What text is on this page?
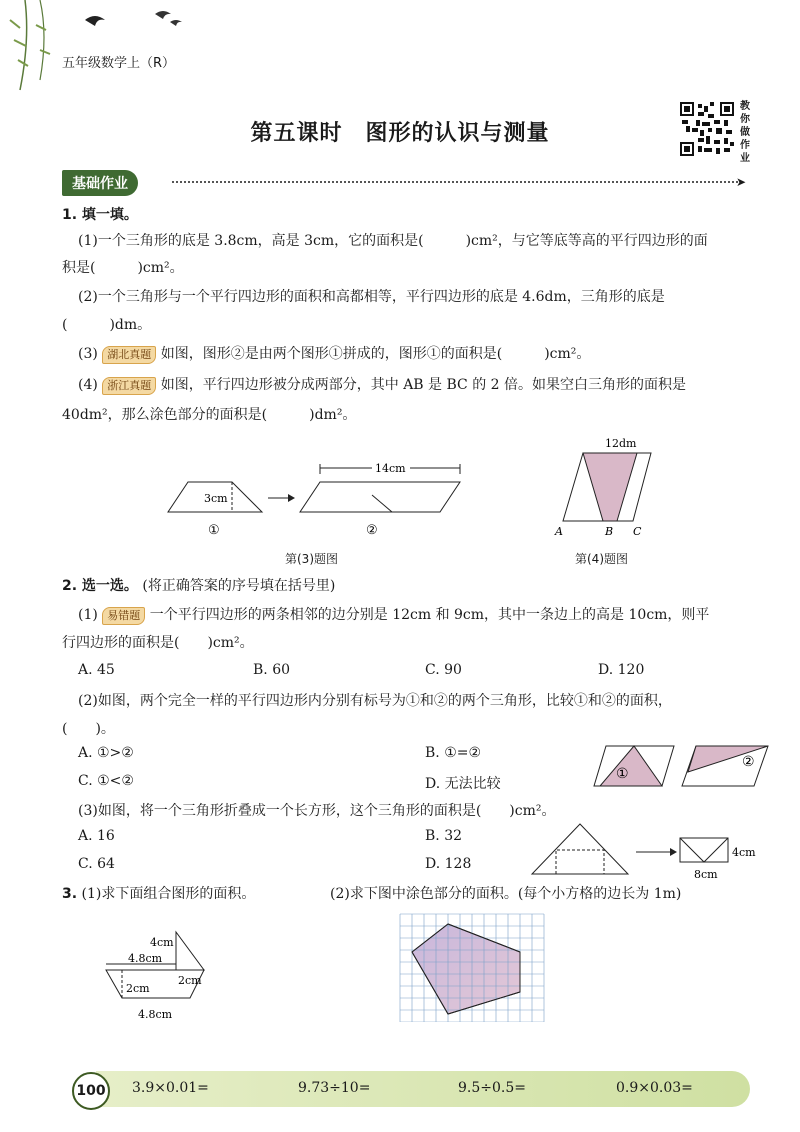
五年级数学上（R）
第五课时　图形的认识与测量
教你做作业
基础作业	➤
1. 填一填。
(1)一个三角形的底是 3.8cm，高是 3cm，它的面积是(　　　)cm²，与它等底等高的平行四边形的面
积是(　　　)cm²。
(2)一个三角形与一个平行四边形的面积和高都相等，平行四边形的底是 4.6dm，三角形的底是
(　　　)dm。
(3) 湖北真题 如图，图形②是由两个图形①拼成的，图形①的面积是(　　　)cm²。
(4) 浙江真题 如图，平行四边形被分成两部分，其中 AB 是 BC 的 2 倍。如果空白三角形的面积是
40dm²，那么涂色部分的面积是(　　　)dm²。
3cm
①
14cm
②
第(3)题图
12dm
A	B C
第(4)题图
2. 选一选。 (将正确答案的序号填在括号里)
(1) 易错题 一个平行四边形的两条相邻的边分别是 12cm 和 9cm，其中一条边上的高是 10cm，则平
行四边形的面积是(　　)cm²。
A. 45	B. 60	C. 90	D. 120
(2)如图，两个完全一样的平行四边形内分别有标号为①和②的两个三角形，比较①和②的面积，
(　　)。
A. ①>②	B. ①=②
C. ①<②	D. 无法比较
①
②
(3)如图，将一个三角形折叠成一个长方形，这个三角形的面积是(　　)cm²。
A. 16	B. 32
C. 64	D. 128
4cm
8cm
3. (1)求下面组合图形的面积。	(2)求下图中涂色部分的面积。(每个小方格的边长为 1m)
4cm
4.8cm
2cm
2cm
4.8cm
100	3.9×0.01=	9.73÷10=	9.5÷0.5=	0.9×0.03=
